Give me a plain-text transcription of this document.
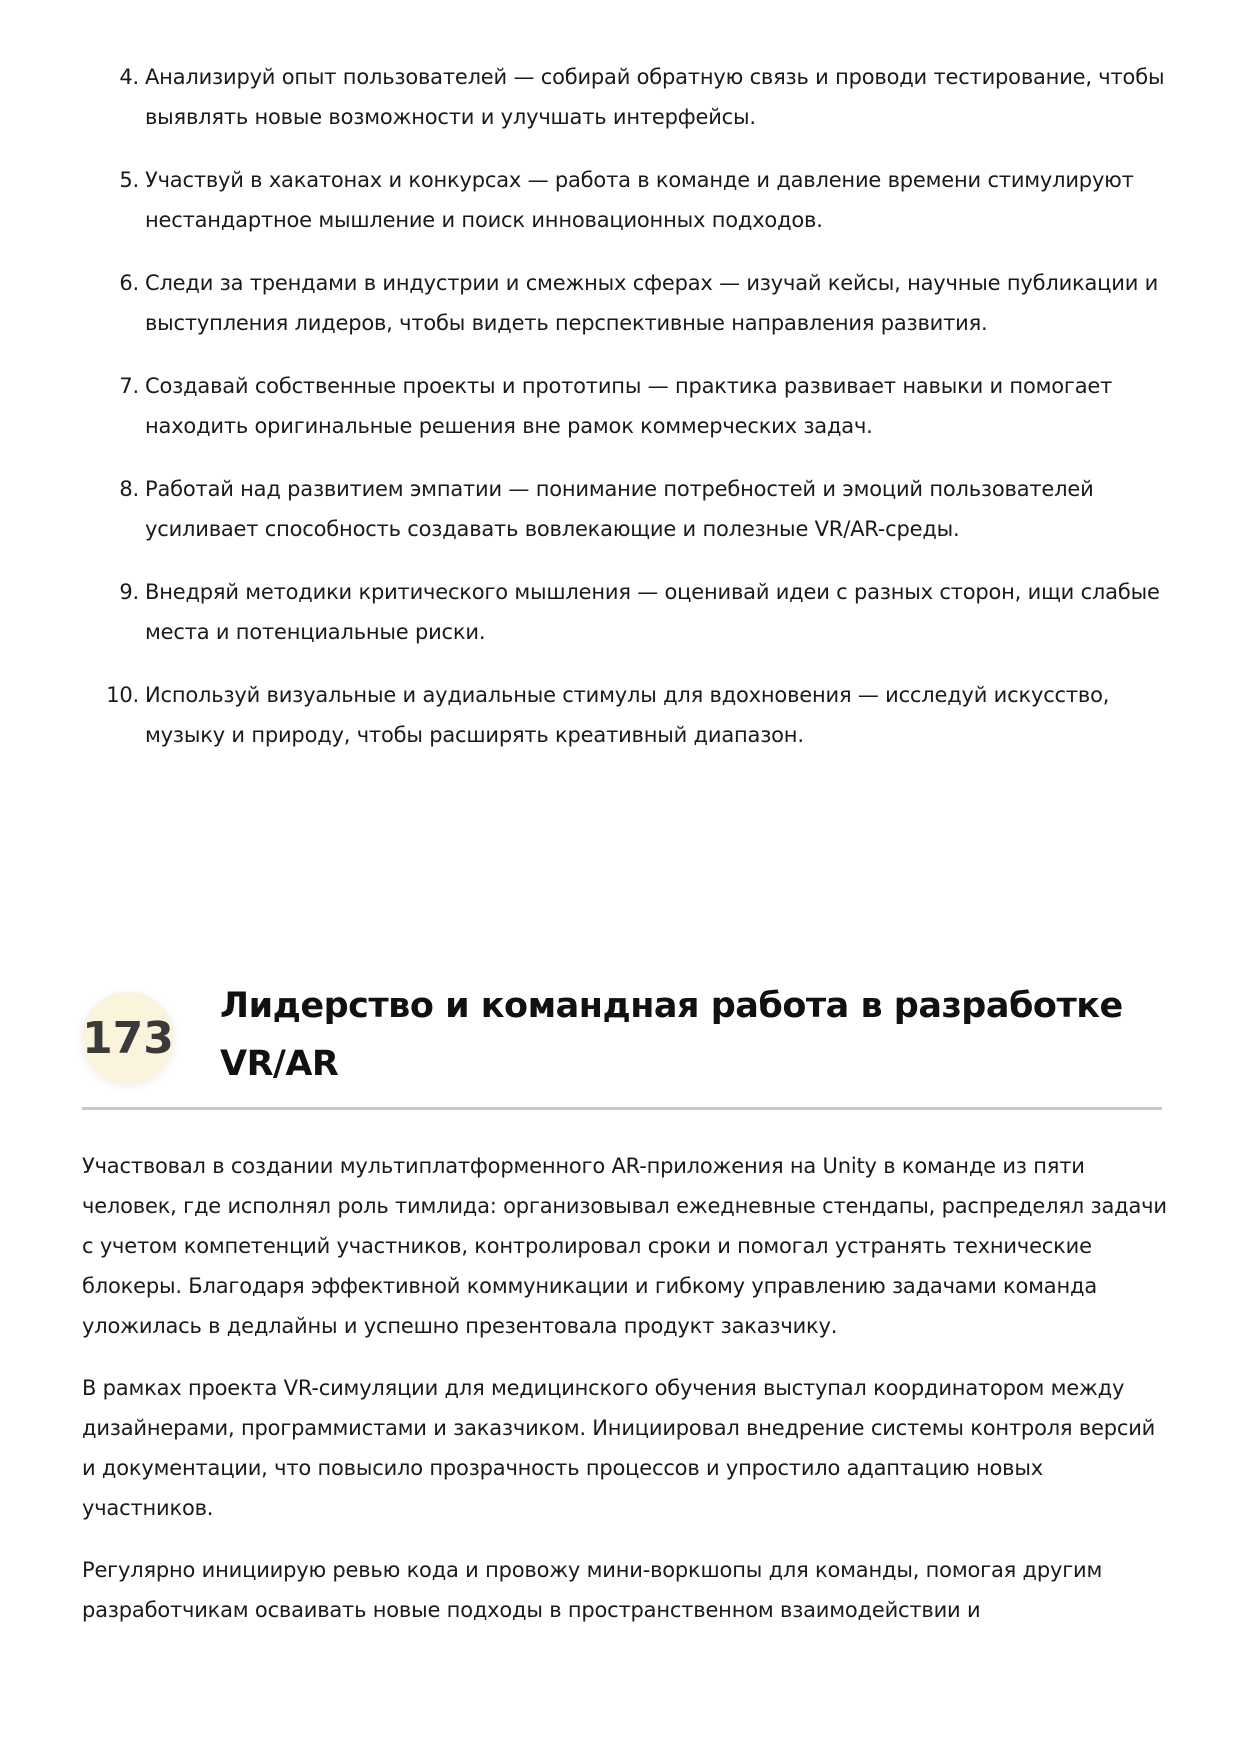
4. Анализируй опыт пользователей — собирай обратную связь и проводи тестирование, чтобы выявлять новые возможности и улучшать интерфейсы.
5. Участвуй в хакатонах и конкурсах — работа в команде и давление времени стимулируют нестандартное мышление и поиск инновационных подходов.
6. Следи за трендами в индустрии и смежных сферах — изучай кейсы, научные публикации и выступления лидеров, чтобы видеть перспективные направления развития.
7. Создавай собственные проекты и прототипы — практика развивает навыки и помогает находить оригинальные решения вне рамок коммерческих задач.
8. Работай над развитием эмпатии — понимание потребностей и эмоций пользователей усиливает способность создавать вовлекающие и полезные VR/AR-среды.
9. Внедряй методики критического мышления — оценивай идеи с разных сторон, ищи слабые места и потенциальные риски.
10. Используй визуальные и аудиальные стимулы для вдохновения — исследуй искусство, музыку и природу, чтобы расширять креативный диапазон.
173
Лидерство и командная работа в разработке VR/AR

Участвовал в создании мультиплатформенного AR-приложения на Unity в команде из пяти человек, где исполнял роль тимлида: организовывал ежедневные стендапы, распределял задачи с учетом компетенций участников, контролировал сроки и помогал устранять технические блокеры. Благодаря эффективной коммуникации и гибкому управлению задачами команда уложилась в дедлайны и успешно презентовала продукт заказчику.

В рамках проекта VR-симуляции для медицинского обучения выступал координатором между дизайнерами, программистами и заказчиком. Инициировал внедрение системы контроля версий и документации, что повысило прозрачность процессов и упростило адаптацию новых участников.

Регулярно инициирую ревью кода и провожу мини-воркшопы для команды, помогая другим разработчикам осваивать новые подходы в пространственном взаимодействии и
